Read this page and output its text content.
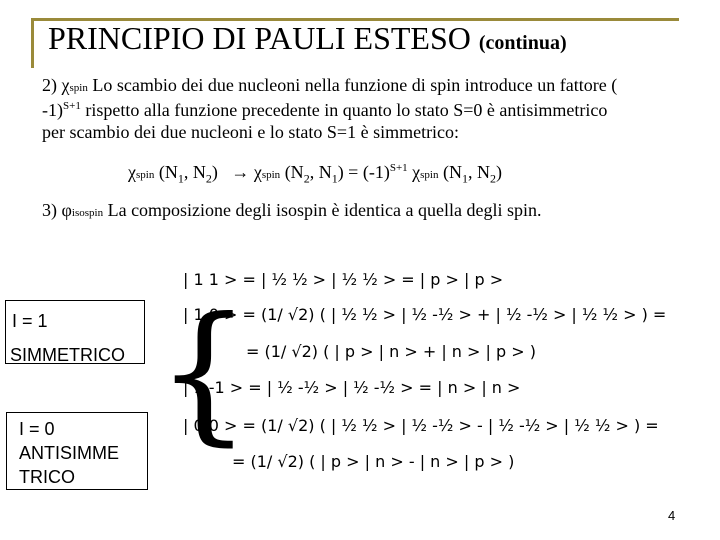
PRINCIPIO DI PAULI ESTESO (continua)
2) χspin Lo scambio dei due nucleoni nella funzione di spin introduce un fattore (
-1)$^{S+1}$ rispetto alla funzione precedente in quanto lo stato S=0 è antisimmetrico
per scambio dei due nucleoni e lo stato S=1 è simmetrico:
χspin ($N_1$, $N_2$) → χspin ($N_2$, $N_1) = (-1)^{S+1}$ χspin ($N_1$, $N_2$)
3) φisospin La composizione degli isospin è identica a quella degli spin.
{
| 1 1 > = | ½ ½ > | ½ ½ > = | p > | p >
| 1 0 > = (1/ √2) ( | ½ ½ > | ½ -½ > + | ½ -½ > | ½ ½ > ) =
= (1/ √2) ( | p > | n > + | n > | p > )
| 1 -1 > = | ½ -½ > | ½ -½ > = | n > | n >
| 0 0 > = (1/ √2) ( | ½ ½ > | ½ -½ > - | ½ -½ > | ½ ½ > ) =
= (1/ √2) ( | p > | n > - | n > | p > )
I = 1
SIMMETRICO
I = 0
ANTISIMME
TRICO
4
